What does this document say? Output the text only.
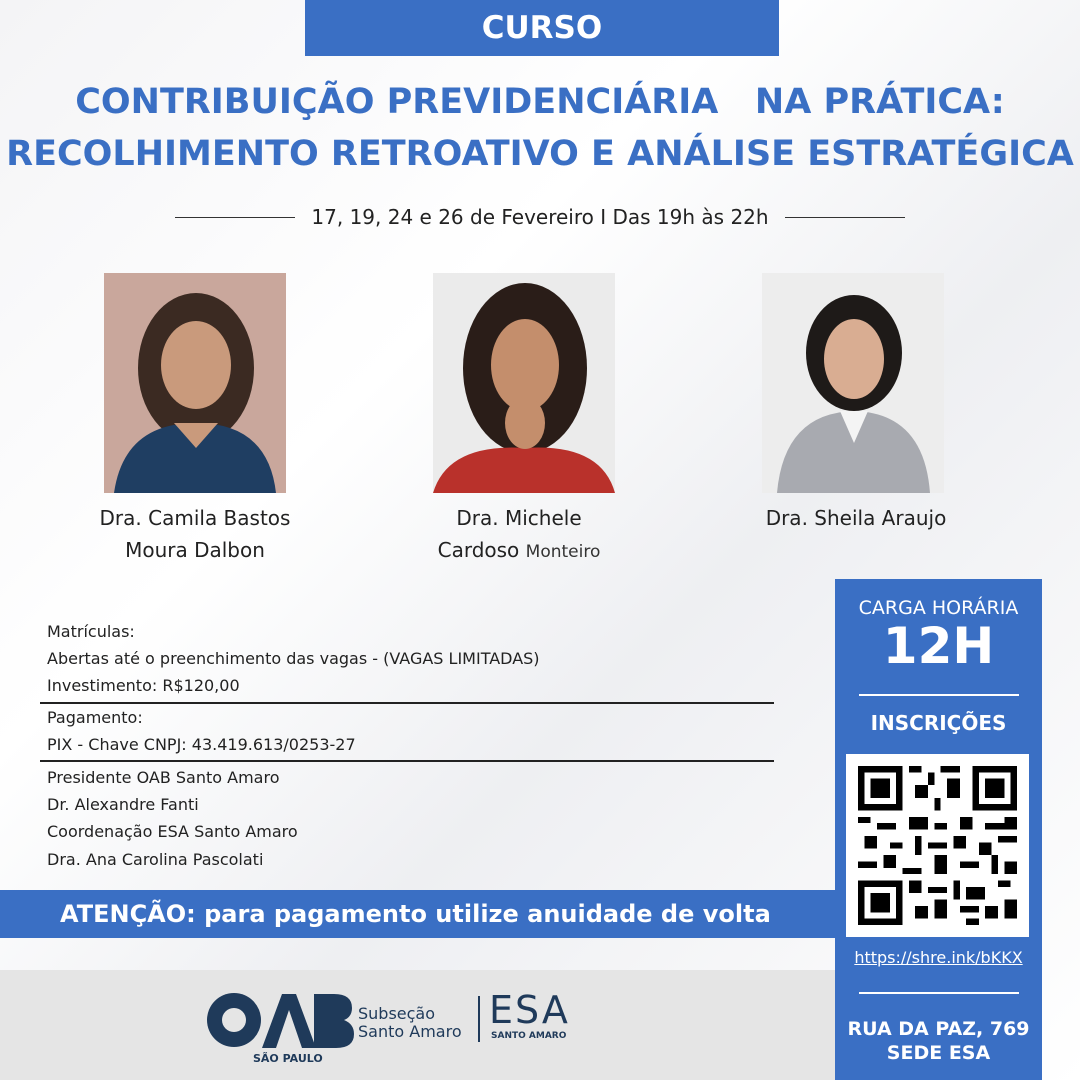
CURSO
CONTRIBUIÇÃO PREVIDENCIÁRIA   NA PRÁTICA:
RECOLHIMENTO RETROATIVO E ANÁLISE ESTRATÉGICA
17, 19, 24 e 26 de Fevereiro I Das 19h às 22h
Dra. Camila Bastos
Moura Dalbon
Dra. Michele
Cardoso Monteiro
Dra. Sheila Araujo
Matrículas:
Abertas até o preenchimento das vagas - (VAGAS LIMITADAS)
Investimento: R$120,00
Pagamento:
PIX - Chave CNPJ: 43.419.613/0253-27
Presidente OAB Santo Amaro
Dr. Alexandre Fanti
Coordenação ESA Santo Amaro
Dra. Ana Carolina Pascolati
ATENÇÃO: para pagamento utilize anuidade de volta
SÃO PAULO
Subseção
Santo Amaro ESA
SANTO AMARO
CARGA HORÁRIA
12H
INSCRIÇÕES
https://shre.ink/bKKX
RUA DA PAZ, 769
SEDE ESA
